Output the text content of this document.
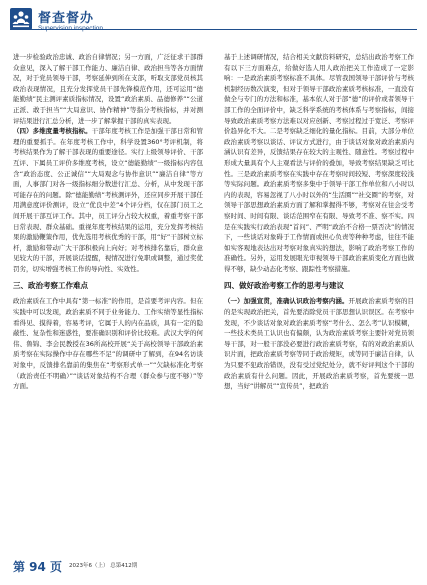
督查督办

进一步检验政治忠诚、政治自律情况；另一方面，广泛征求干部群众意见，深入了解干部工作能力、廉洁自律、政治担当等各方面情况，对于党员领导干部，考察延伸到所在支部，听取支部党员核其政治表现情况，且充分发挥党员干部先锋模范作用，还可运用“德能勤绩”民主测评素质指标情况，设置“政治素质、品德修养”“公道正派、敢于担当”“大局意识、协作精神”等指分考核指标，并对测评结果进行汇总分析，进一步了解掌握干部的真实表现。

（四）多维度量考核指标。干部年度考核工作是加强干部日常和管理的重要抓手。在年度考核工作中，科学设置360°考评机制，将考核结果作为了解干部表现的重要途径。实行上级领导评价、干部互评、下属员工评价多维度考核，设立“德能勤绩”一级指标内容包含“政治态度、公正诚信”“大局观念与协作意识”“廉洁自律”等方面，人事部门对各一级指标细分数进行汇总、分析，从中发现干部可能存在的问题。除“德能勤绩”考核测评外，还应同步开展干部任用满意度评价测评，设立“优良中差”4个评分档，仅在部门员工之间开展干部互评工作。其中，员工评分占较大权重，着重考察干部日常表现、群众基础。重视年度考核结果的运用，充分发挥考核结果的激励鞭策作用，优先选用考核优秀的干部，用“好”干部树立标杆，激励和带动广大干部积极向上向好；对考核排名靠后，群众意见较大的干部，开展谈话提醒，视情况进行免职或调整，通过奖优罚劣，切实增强考核工作的导向性、实效性。

三、政治考察工作难点

政治素质在工作中具有“第一标准”的作用，是首要考评内容。但在实践中可以发现，政治素质不同于业务能力、工作实绩等显性指标看得见、摸得着，容易考评，它属于人的内在品质，具有一定的隐蔽性、复杂性和迷惑性，要准确识别和评价比较难。武汉大学的何伟、鲁锦、李会民教授在36所高校开展“关于高校领导干部政治素质考察在实际操作中存在哪些不足”的调研中了解到，在94名访谈对象中，反馈排名靠前的集焦在“考察形式单一”“欠缺标准化考察（政治责任不明确）”“谈话对象结构不合理（群众参与度不够）”等方面。

基于上述调研情况，结合相关文献资料研究，总结出政治考察工作有以下三方面难点，给做好选人用人政治把关工作造成了一定影响：一是政治素质考察标准不具体。尽管我国领导干部评价与考核机制经历数次演变，但对于领导干部政治素质考核标准，一直没有做全与专门的方法和标准，基本依人对于部“德”的评价或者领导干部工作的全面评价中，缺乏科学系统的考核体系与考察指标，间接导致政治素质考察方法难以对应创新、考察过程过于宽泛、考察评价趋异化不大。二是考察缺乏细化的量化指标。目前，大部分单位政治素质考察以谈话、评议方式进行，由于谈话对象对政治素质内涵认识有差异，反馈结果存在较大的主观性、随意性。考察过程中形成大量具有个人主观看法与评价的叠加，导致考察结果缺乏可比性。三是政治素质考察在实践中存在考察时间较短、考察深度较浅等实际问题。政治素质考察多集中于领导干部工作单位和八小时以内的表现，容易忽视了八小时以外的“生活圈”“社交圈”的考察，对领导干部思想政治素质方面了解和掌握得不够，考察对在往会受考察时间、时间有限、谈话范围窄在有限、导致考不准、察不实。四是在实践实行政治表现“首问”、严明“政治不合格一票否决”的情况下，一些谈话对象碍于工作情面或担心负责等种种考虑，往往不能如实客观地表达出对考察对象真实的想法，影响了政治考察工作的准确性。另外，运用发展眼光审视领导干部政治素质变化方面也做得不够，缺少动态化考察、跟踪性考察措施。

四、做好政治考察工作的思考与建议

（一）加强宣贯，准确认识政治考察内涵。开展政治素质考察的目的是实现政治把关，首先要消除党员干部思想认识误区。在考察中发现，不少谈话对象对政治素质考察“考什么、怎么考”认识模糊，一些技术类员工认识也有偏颇，认为政治素质考察主要针对党员领导干部，对一般干部没必要进行政治素质考察，有的对政治素质认识片面，把政治素质考察等同于政治规矩，或等同于廉洁自律，认为只要不犯政治错误，没有受过党纪处分，就不好评判这个干部的政治素质有什么问题。因此，开展政治素质考察，首先要统一思想，当好“讲解员”“宣传员”，把政治

第 94 页 2023年6（上） 总第412期
